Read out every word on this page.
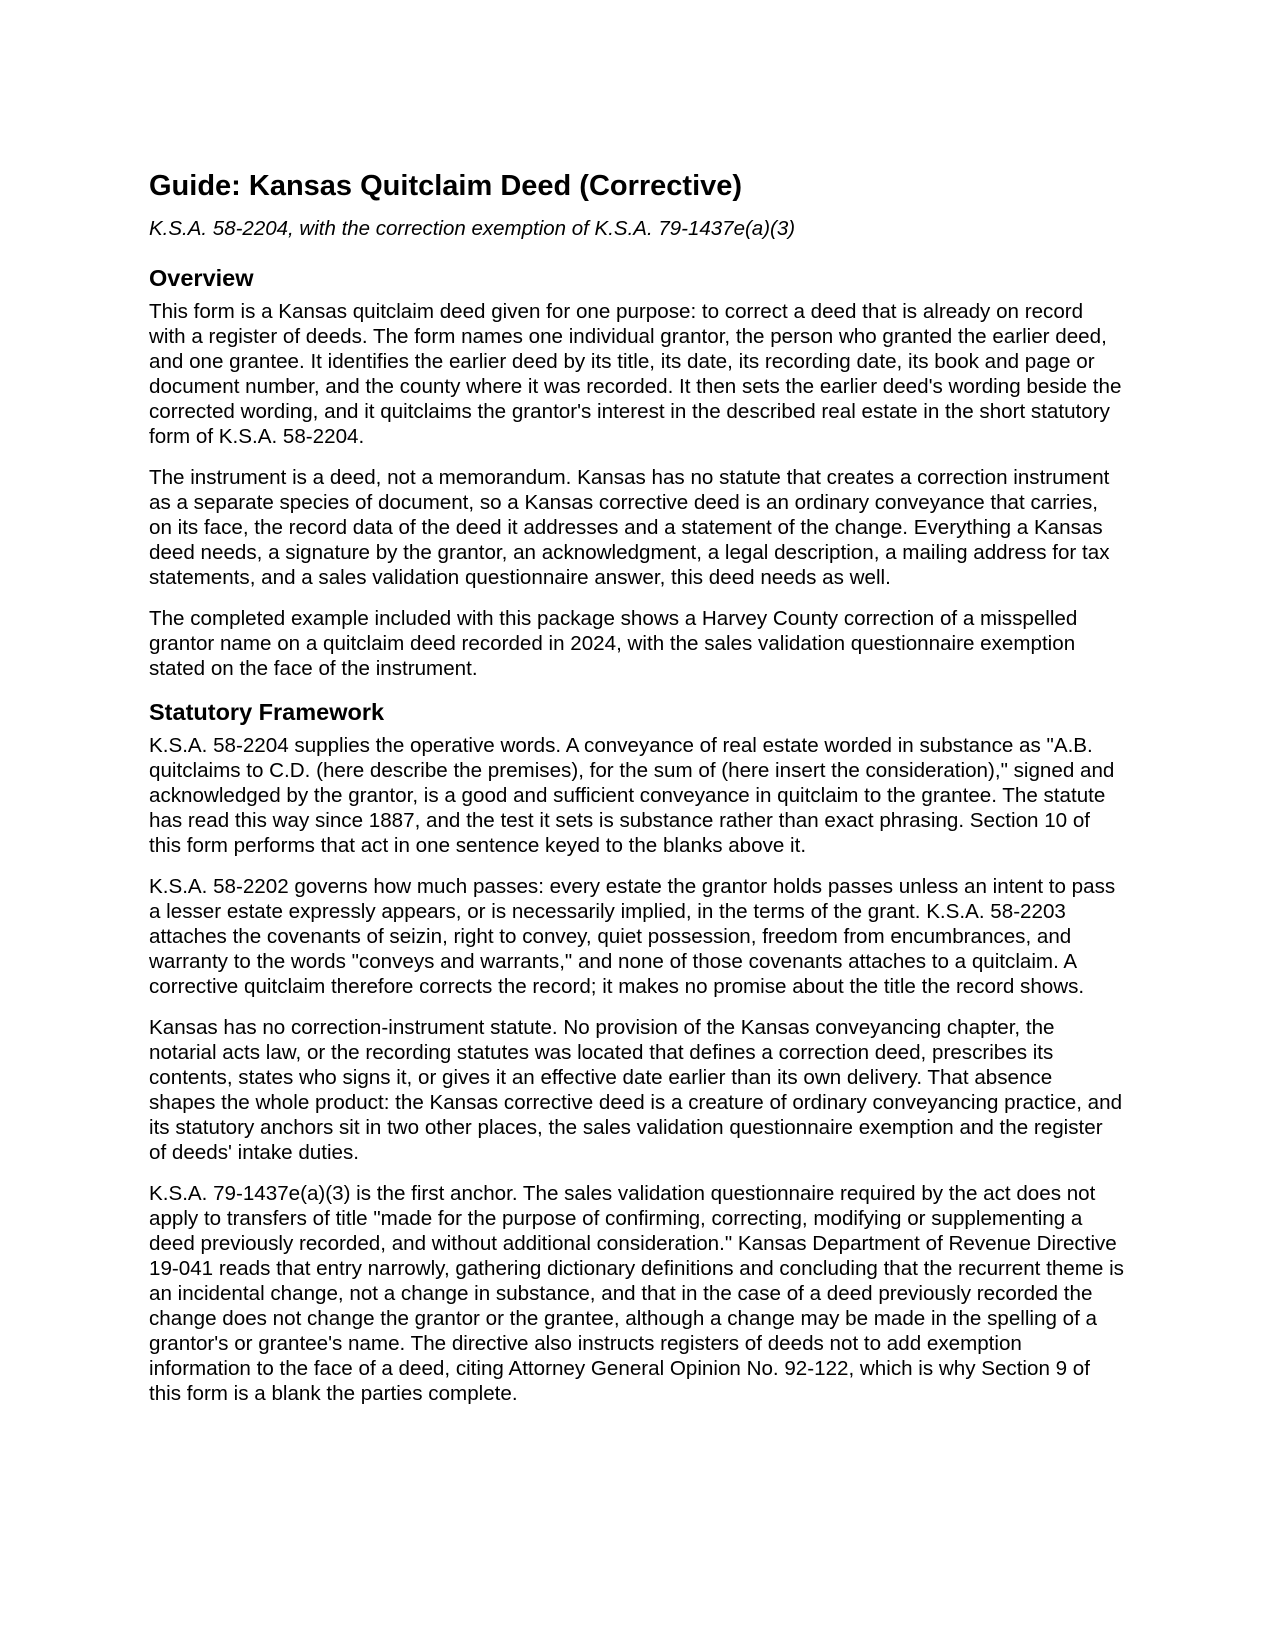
Guide: Kansas Quitclaim Deed (Corrective)
K.S.A. 58-2204, with the correction exemption of K.S.A. 79-1437e(a)(3)
Overview

This form is a Kansas quitclaim deed given for one purpose: to correct a deed that is already on record with a register of deeds. The form names one individual grantor, the person who granted the earlier deed, and one grantee. It identifies the earlier deed by its title, its date, its recording date, its book and page or document number, and the county where it was recorded. It then sets the earlier deed's wording beside the corrected wording, and it quitclaims the grantor's interest in the described real estate in the short statutory form of K.S.A. 58-2204.

The instrument is a deed, not a memorandum. Kansas has no statute that creates a correction instrument as a separate species of document, so a Kansas corrective deed is an ordinary conveyance that carries, on its face, the record data of the deed it addresses and a statement of the change. Everything a Kansas deed needs, a signature by the grantor, an acknowledgment, a legal description, a mailing address for tax statements, and a sales validation questionnaire answer, this deed needs as well.

The completed example included with this package shows a Harvey County correction of a misspelled grantor name on a quitclaim deed recorded in 2024, with the sales validation questionnaire exemption stated on the face of the instrument.

Statutory Framework

K.S.A. 58-2204 supplies the operative words. A conveyance of real estate worded in substance as "A.B. quitclaims to C.D. (here describe the premises), for the sum of (here insert the consideration)," signed and acknowledged by the grantor, is a good and sufficient conveyance in quitclaim to the grantee. The statute has read this way since 1887, and the test it sets is substance rather than exact phrasing. Section 10 of this form performs that act in one sentence keyed to the blanks above it.

K.S.A. 58-2202 governs how much passes: every estate the grantor holds passes unless an intent to pass a lesser estate expressly appears, or is necessarily implied, in the terms of the grant. K.S.A. 58-2203 attaches the covenants of seizin, right to convey, quiet possession, freedom from encumbrances, and warranty to the words "conveys and warrants," and none of those covenants attaches to a quitclaim. A corrective quitclaim therefore corrects the record; it makes no promise about the title the record shows.

Kansas has no correction-instrument statute. No provision of the Kansas conveyancing chapter, the notarial acts law, or the recording statutes was located that defines a correction deed, prescribes its contents, states who signs it, or gives it an effective date earlier than its own delivery. That absence shapes the whole product: the Kansas corrective deed is a creature of ordinary conveyancing practice, and its statutory anchors sit in two other places, the sales validation questionnaire exemption and the register of deeds' intake duties.

K.S.A. 79-1437e(a)(3) is the first anchor. The sales validation questionnaire required by the act does not apply to transfers of title "made for the purpose of confirming, correcting, modifying or supplementing a deed previously recorded, and without additional consideration." Kansas Department of Revenue Directive 19-041 reads that entry narrowly, gathering dictionary definitions and concluding that the recurrent theme is an incidental change, not a change in substance, and that in the case of a deed previously recorded the change does not change the grantor or the grantee, although a change may be made in the spelling of a grantor's or grantee's name. The directive also instructs registers of deeds not to add exemption information to the face of a deed, citing Attorney General Opinion No. 92-122, which is why Section 9 of this form is a blank the parties complete.
